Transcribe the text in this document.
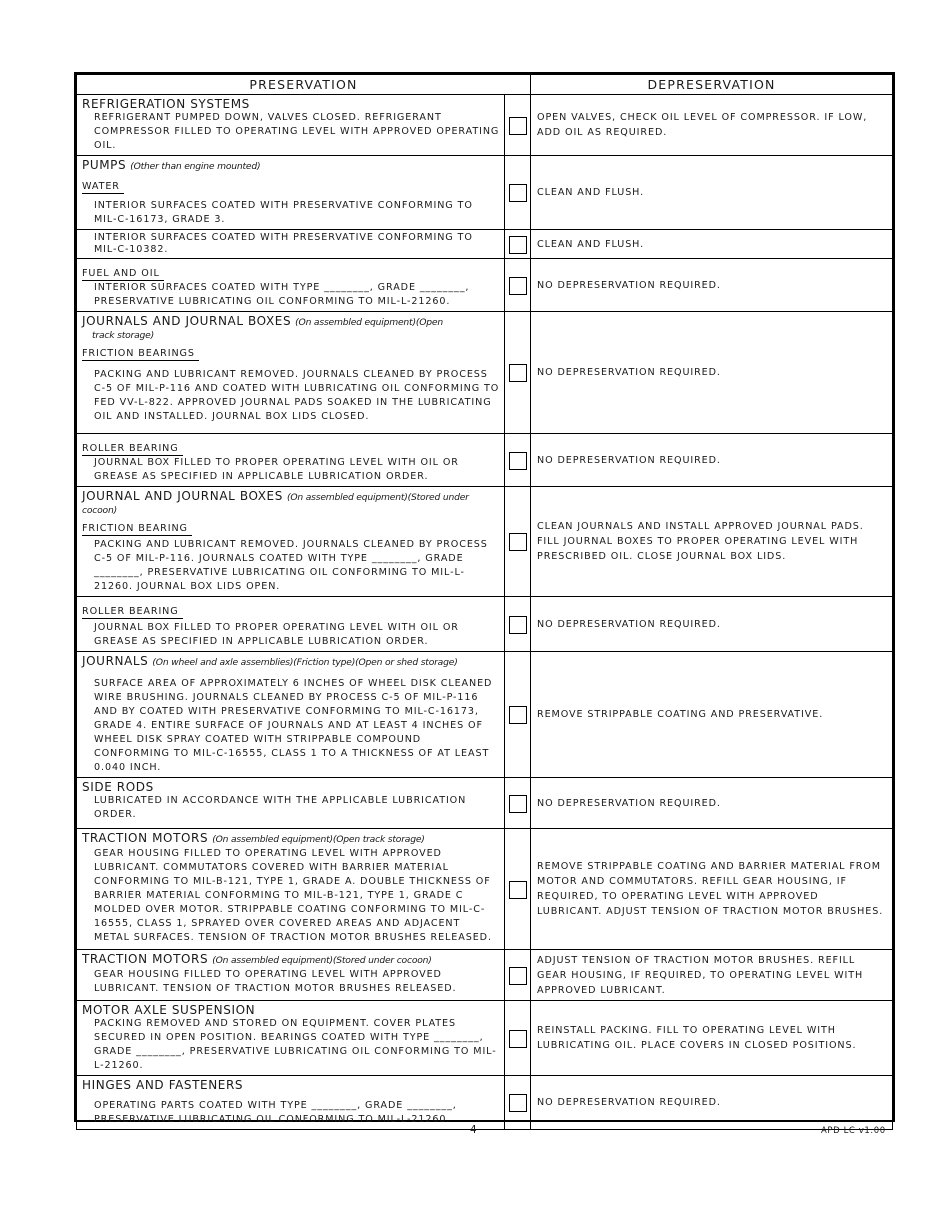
PRESERVATION		DEPRESERVATION

REFRIGERATION SYSTEMS
REFRIGERANT PUMPED DOWN, VALVES CLOSED. REFRIGERANT COMPRESSOR FILLED TO OPERATING LEVEL WITH APPROVED OPERATING OIL.		OPEN VALVES, CHECK OIL LEVEL OF COMPRESSOR. IF LOW, ADD OIL AS REQUIRED.

PUMPS (Other than engine mounted)
WATER
INTERIOR SURFACES COATED WITH PRESERVATIVE CONFORMING TO MIL-C-16173, GRADE 3.		CLEAN AND FLUSH.

INTERIOR SURFACES COATED WITH PRESERVATIVE CONFORMING TO MIL-C-10382.		CLEAN AND FLUSH.

FUEL AND OIL
INTERIOR SURFACES COATED WITH TYPE ________, GRADE ________, PRESERVATIVE LUBRICATING OIL CONFORMING TO MIL-L-21260.		NO DEPRESERVATION REQUIRED.

JOURNALS AND JOURNAL BOXES (On assembled equipment)(Open
track storage)
FRICTION BEARINGS
PACKING AND LUBRICANT REMOVED. JOURNALS CLEANED BY PROCESS C-5 OF MIL-P-116 AND COATED WITH LUBRICATING OIL CONFORMING TO FED VV-L-822. APPROVED JOURNAL PADS SOAKED IN THE LUBRICATING OIL AND INSTALLED. JOURNAL BOX LIDS CLOSED.		NO DEPRESERVATION REQUIRED.

ROLLER BEARING
JOURNAL BOX FILLED TO PROPER OPERATING LEVEL WITH OIL OR GREASE AS SPECIFIED IN APPLICABLE LUBRICATION ORDER.		NO DEPRESERVATION REQUIRED.

JOURNAL AND JOURNAL BOXES (On assembled equipment)(Stored under
cocoon)
FRICTION BEARING
PACKING AND LUBRICANT REMOVED. JOURNALS CLEANED BY PROCESS C-5 OF MIL-P-116. JOURNALS COATED WITH TYPE ________, GRADE ________, PRESERVATIVE LUBRICATING OIL CONFORMING TO MIL-L-21260. JOURNAL BOX LIDS OPEN.		CLEAN JOURNALS AND INSTALL APPROVED JOURNAL PADS. FILL JOURNAL BOXES TO PROPER OPERATING LEVEL WITH PRESCRIBED OIL. CLOSE JOURNAL BOX LIDS.

ROLLER BEARING
JOURNAL BOX FILLED TO PROPER OPERATING LEVEL WITH OIL OR GREASE AS SPECIFIED IN APPLICABLE LUBRICATION ORDER.		NO DEPRESERVATION REQUIRED.

JOURNALS (On wheel and axle assemblies)(Friction type)(Open or shed storage)
SURFACE AREA OF APPROXIMATELY 6 INCHES OF WHEEL DISK CLEANED WIRE BRUSHING. JOURNALS CLEANED BY PROCESS C-5 OF MIL-P-116 AND BY COATED WITH PRESERVATIVE CONFORMING TO MIL-C-16173, GRADE 4. ENTIRE SURFACE OF JOURNALS AND AT LEAST 4 INCHES OF WHEEL DISK SPRAY COATED WITH STRIPPABLE COMPOUND CONFORMING TO MIL-C-16555, CLASS 1 TO A THICKNESS OF AT LEAST 0.040 INCH.		REMOVE STRIPPABLE COATING AND PRESERVATIVE.

SIDE RODS
LUBRICATED IN ACCORDANCE WITH THE APPLICABLE LUBRICATION ORDER.		NO DEPRESERVATION REQUIRED.

TRACTION MOTORS (On assembled equipment)(Open track storage)
GEAR HOUSING FILLED TO OPERATING LEVEL WITH APPROVED LUBRICANT. COMMUTATORS COVERED WITH BARRIER MATERIAL CONFORMING TO MIL-B-121, TYPE 1, GRADE A. DOUBLE THICKNESS OF BARRIER MATERIAL CONFORMING TO MIL-B-121, TYPE 1, GRADE C MOLDED OVER MOTOR. STRIPPABLE COATING CONFORMING TO MIL-C-16555, CLASS 1, SPRAYED OVER COVERED AREAS AND ADJACENT METAL SURFACES. TENSION OF TRACTION MOTOR BRUSHES RELEASED.		REMOVE STRIPPABLE COATING AND BARRIER MATERIAL FROM MOTOR AND COMMUTATORS. REFILL GEAR HOUSING, IF REQUIRED, TO OPERATING LEVEL WITH APPROVED LUBRICANT. ADJUST TENSION OF TRACTION MOTOR BRUSHES.

TRACTION MOTORS (On assembled equipment)(Stored under cocoon)
GEAR HOUSING FILLED TO OPERATING LEVEL WITH APPROVED LUBRICANT. TENSION OF TRACTION MOTOR BRUSHES RELEASED.		ADJUST TENSION OF TRACTION MOTOR BRUSHES. REFILL GEAR HOUSING, IF REQUIRED, TO OPERATING LEVEL WITH APPROVED LUBRICANT.

MOTOR AXLE SUSPENSION
PACKING REMOVED AND STORED ON EQUIPMENT. COVER PLATES SECURED IN OPEN POSITION. BEARINGS COATED WITH TYPE ________, GRADE ________, PRESERVATIVE LUBRICATING OIL CONFORMING TO MIL-L-21260.		REINSTALL PACKING. FILL TO OPERATING LEVEL WITH LUBRICATING OIL. PLACE COVERS IN CLOSED POSITIONS.

HINGES AND FASTENERS
OPERATING PARTS COATED WITH TYPE ________, GRADE ________, PRESERVATIVE LUBRICATING OIL CONFORMING TO MIL-L-21260.		NO DEPRESERVATION REQUIRED.
4	APD LC v1.00
